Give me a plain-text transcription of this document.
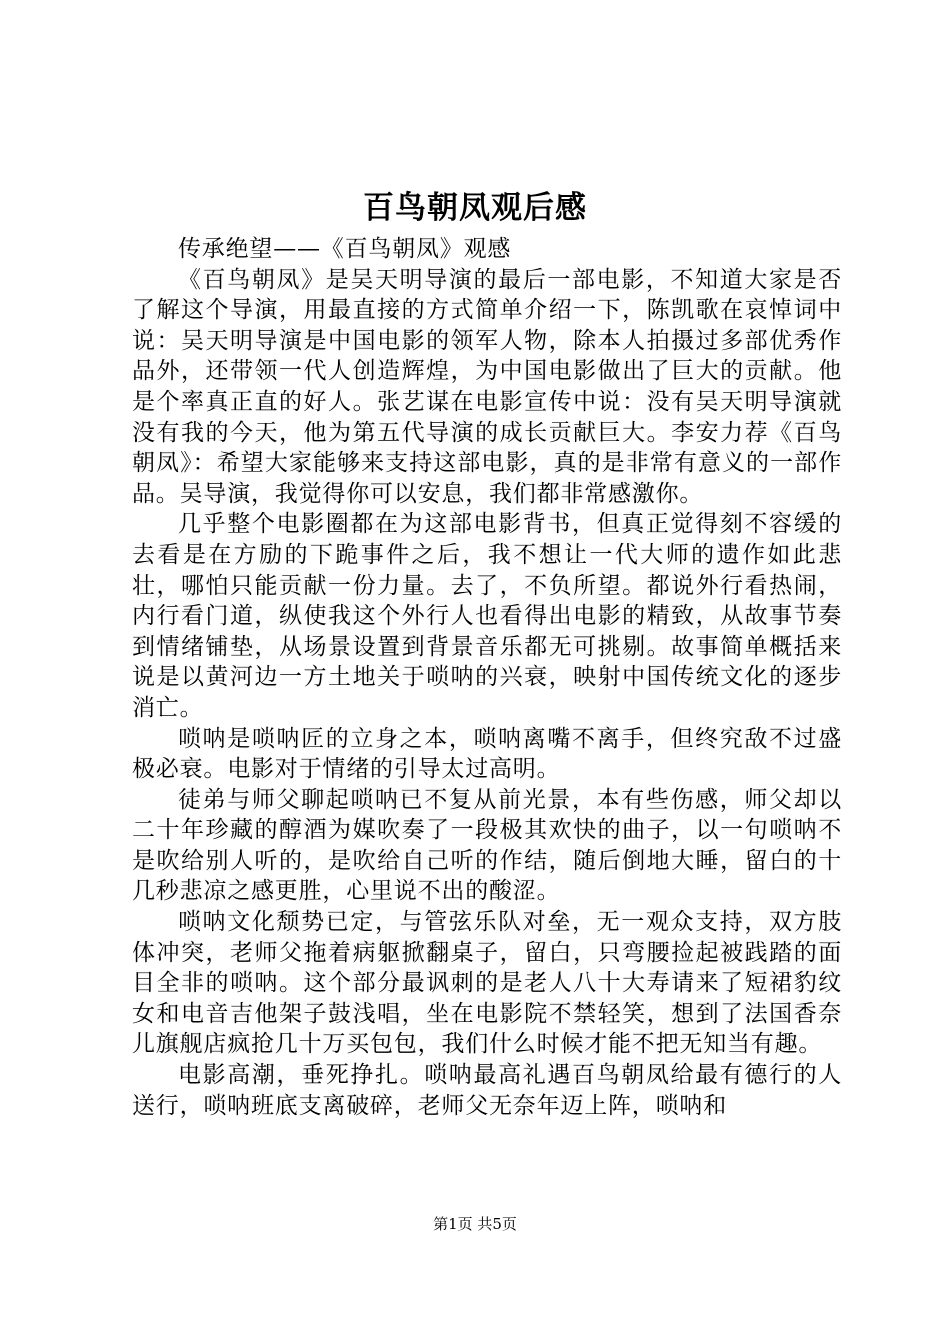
百鸟朝凤观后感

传承绝望——《百鸟朝凤》观感

《百鸟朝凤》是吴天明导演的最后一部电影，不知道大家是否了解这个导演，用最直接的方式简单介绍一下，陈凯歌在哀悼词中说：吴天明导演是中国电影的领军人物，除本人拍摄过多部优秀作品外，还带领一代人创造辉煌，为中国电影做出了巨大的贡献。他是个率真正直的好人。张艺谋在电影宣传中说：没有吴天明导演就没有我的今天，他为第五代导演的成长贡献巨大。李安力荐《百鸟朝凤》：希望大家能够来支持这部电影，真的是非常有意义的一部作品。吴导演，我觉得你可以安息，我们都非常感激你。

几乎整个电影圈都在为这部电影背书，但真正觉得刻不容缓的去看是在方励的下跪事件之后，我不想让一代大师的遗作如此悲壮，哪怕只能贡献一份力量。去了，不负所望。都说外行看热闹，内行看门道，纵使我这个外行人也看得出电影的精致，从故事节奏到情绪铺垫，从场景设置到背景音乐都无可挑剔。故事简单概括来说是以黄河边一方土地关于唢呐的兴衰，映射中国传统文化的逐步消亡。

唢呐是唢呐匠的立身之本，唢呐离嘴不离手，但终究敌不过盛极必衰。电影对于情绪的引导太过高明。

徒弟与师父聊起唢呐已不复从前光景，本有些伤感，师父却以二十年珍藏的醇酒为媒吹奏了一段极其欢快的曲子，以一句唢呐不是吹给别人听的，是吹给自己听的作结，随后倒地大睡，留白的十几秒悲凉之感更胜，心里说不出的酸涩。

唢呐文化颓势已定，与管弦乐队对垒，无一观众支持，双方肢体冲突，老师父拖着病躯掀翻桌子，留白，只弯腰捡起被践踏的面目全非的唢呐。这个部分最讽刺的是老人八十大寿请来了短裙豹纹女和电音吉他架子鼓浅唱，坐在电影院不禁轻笑，想到了法国香奈儿旗舰店疯抢几十万买包包，我们什么时候才能不把无知当有趣。

电影高潮，垂死挣扎。唢呐最高礼遇百鸟朝凤给最有德行的人送行，唢呐班底支离破碎，老师父无奈年迈上阵，唢呐和

第1页 共5页
